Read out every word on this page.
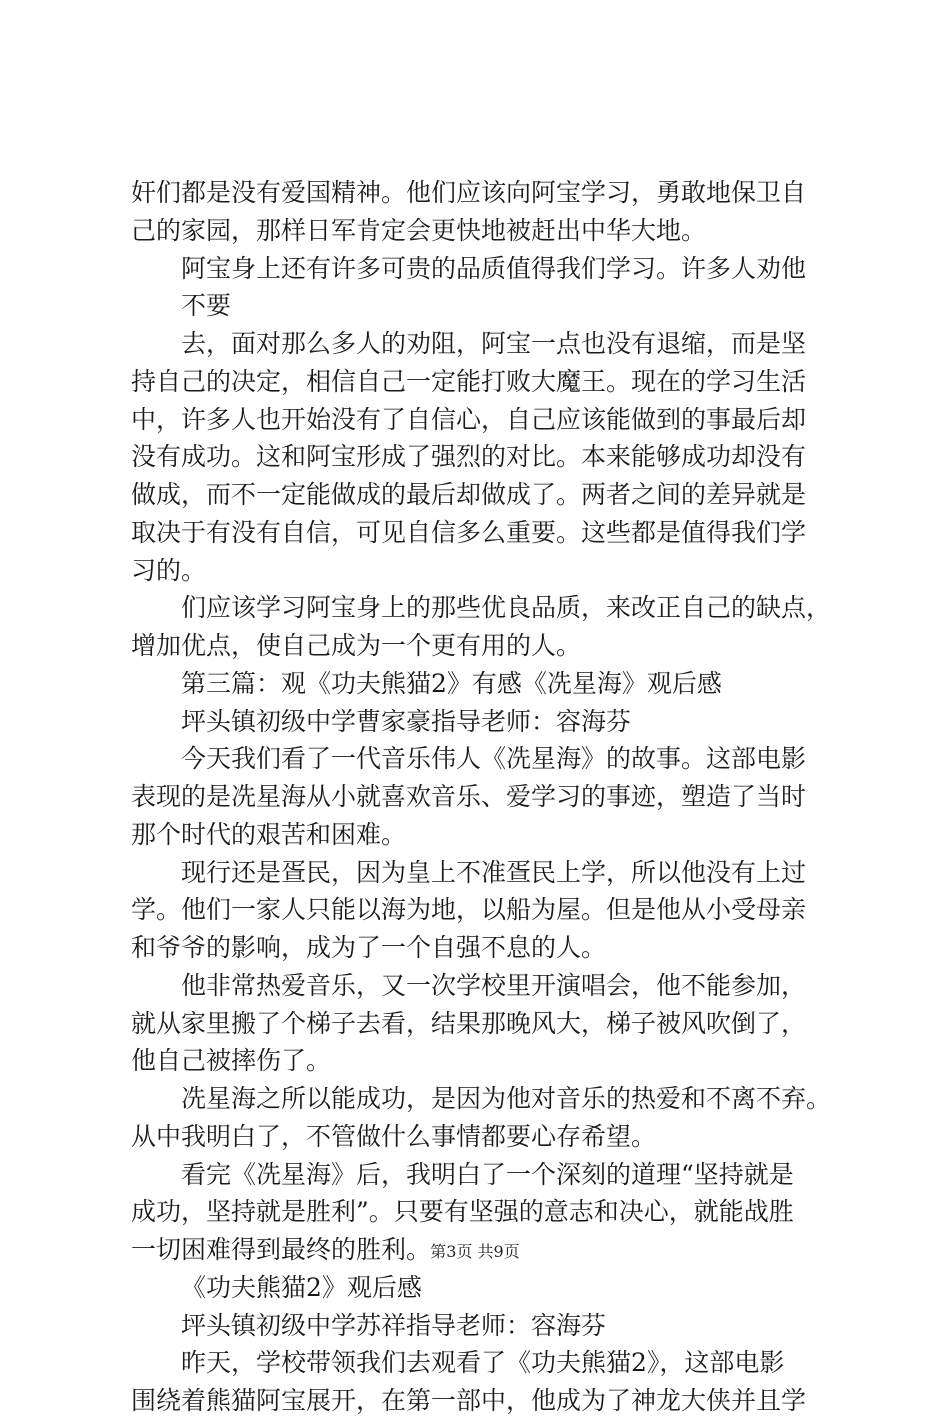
奸们都是没有爱国精神。他们应该向阿宝学习，勇敢地保卫自
己的家园，那样日军肯定会更快地被赶出中华大地。
阿宝身上还有许多可贵的品质值得我们学习。许多人劝他
不要
去，面对那么多人的劝阻，阿宝一点也没有退缩，而是坚
持自己的决定，相信自己一定能打败大魔王。现在的学习生活
中，许多人也开始没有了自信心，自己应该能做到的事最后却
没有成功。这和阿宝形成了强烈的对比。本来能够成功却没有
做成，而不一定能做成的最后却做成了。两者之间的差异就是
取决于有没有自信，可见自信多么重要。这些都是值得我们学
习的。
们应该学习阿宝身上的那些优良品质，来改正自己的缺点，
增加优点，使自己成为一个更有用的人。
第三篇：观《功夫熊猫2》有感《冼星海》观后感
坪头镇初级中学曹家豪指导老师：容海芬
今天我们看了一代音乐伟人《冼星海》的故事。这部电影
表现的是冼星海从小就喜欢音乐、爱学习的事迹，塑造了当时
那个时代的艰苦和困难。
现行还是疍民，因为皇上不准疍民上学，所以他没有上过
学。他们一家人只能以海为地，以船为屋。但是他从小受母亲
和爷爷的影响，成为了一个自强不息的人。
他非常热爱音乐，又一次学校里开演唱会，他不能参加，
就从家里搬了个梯子去看，结果那晚风大，梯子被风吹倒了，
他自己被摔伤了。
冼星海之所以能成功，是因为他对音乐的热爱和不离不弃。
从中我明白了，不管做什么事情都要心存希望。
看完《冼星海》后，我明白了一个深刻的道理“坚持就是
成功，坚持就是胜利”。只要有坚强的意志和决心，就能战胜
一切困难得到最终的胜利。
《功夫熊猫2》观后感
坪头镇初级中学苏祥指导老师：容海芬
昨天，学校带领我们去观看了《功夫熊猫2》，这部电影
围绕着熊猫阿宝展开，在第一部中，他成为了神龙大侠并且学
第3页 共9页
